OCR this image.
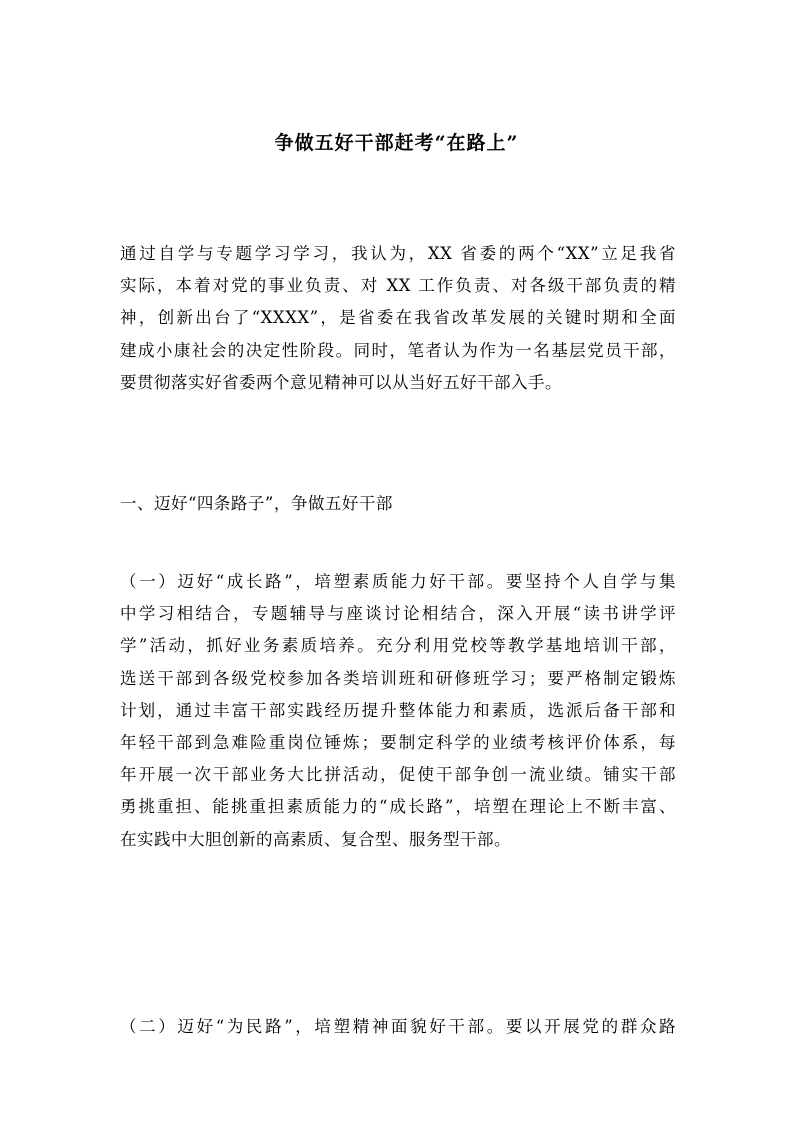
争做五好干部赶考“在路上”

通过自学与专题学习学习，我认为，XX 省委的两个“XX”立足我省
实际，本着对党的事业负责、对 XX 工作负责、对各级干部负责的精
神，创新出台了“XXXX”，是省委在我省改革发展的关键时期和全面
建成小康社会的决定性阶段。同时，笔者认为作为一名基层党员干部，
要贯彻落实好省委两个意见精神可以从当好五好干部入手。

一、迈好“四条路子”，争做五好干部

（一）迈好“成长路”，培塑素质能力好干部。要坚持个人自学与集
中学习相结合，专题辅导与座谈讨论相结合，深入开展“读书讲学评
学”活动，抓好业务素质培养。充分利用党校等教学基地培训干部，
选送干部到各级党校参加各类培训班和研修班学习；要严格制定锻炼
计划，通过丰富干部实践经历提升整体能力和素质，选派后备干部和
年轻干部到急难险重岗位锤炼；要制定科学的业绩考核评价体系，每
年开展一次干部业务大比拼活动，促使干部争创一流业绩。铺实干部
勇挑重担、能挑重担素质能力的“成长路”，培塑在理论上不断丰富、
在实践中大胆创新的高素质、复合型、服务型干部。

（二）迈好“为民路”，培塑精神面貌好干部。要以开展党的群众路
